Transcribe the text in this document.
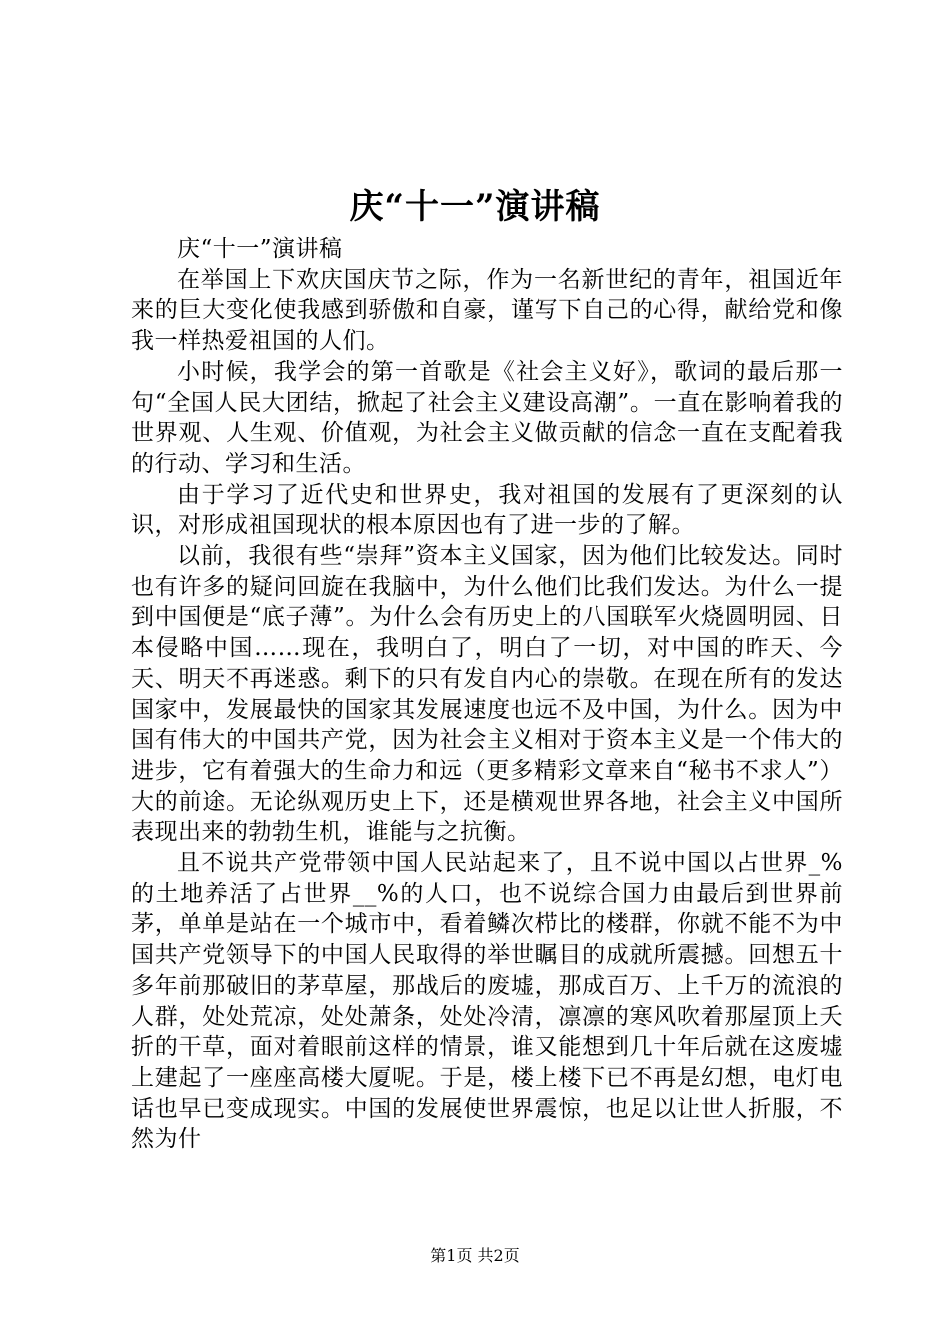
庆“十一”演讲稿

庆“十一”演讲稿

在举国上下欢庆国庆节之际，作为一名新世纪的青年，祖国近年来的巨大变化使我感到骄傲和自豪，谨写下自己的心得，献给党和像我一样热爱祖国的人们。

小时候，我学会的第一首歌是《社会主义好》，歌词的最后那一句“全国人民大团结，掀起了社会主义建设高潮”。一直在影响着我的世界观、人生观、价值观，为社会主义做贡献的信念一直在支配着我的行动、学习和生活。

由于学习了近代史和世界史，我对祖国的发展有了更深刻的认识，对形成祖国现状的根本原因也有了进一步的了解。

以前，我很有些“崇拜”资本主义国家，因为他们比较发达。同时也有许多的疑问回旋在我脑中，为什么他们比我们发达。为什么一提到中国便是“底子薄”。为什么会有历史上的八国联军火烧圆明园、日本侵略中国……现在，我明白了，明白了一切，对中国的昨天、今天、明天不再迷惑。剩下的只有发自内心的崇敬。在现在所有的发达国家中，发展最快的国家其发展速度也远不及中国，为什么。因为中国有伟大的中国共产党，因为社会主义相对于资本主义是一个伟大的进步，它有着强大的生命力和远（更多精彩文章来自“秘书不求人”）大的前途。无论纵观历史上下，还是横观世界各地，社会主义中国所表现出来的勃勃生机，谁能与之抗衡。

且不说共产党带领中国人民站起来了，且不说中国以占世界_%的土地养活了占世界__%的人口，也不说综合国力由最后到世界前茅，单单是站在一个城市中，看着鳞次栉比的楼群，你就不能不为中国共产党领导下的中国人民取得的举世瞩目的成就所震撼。回想五十多年前那破旧的茅草屋，那战后的废墟，那成百万、上千万的流浪的人群，处处荒凉，处处萧条，处处冷清，凛凛的寒风吹着那屋顶上夭折的干草，面对着眼前这样的情景，谁又能想到几十年后就在这废墟上建起了一座座高楼大厦呢。于是，楼上楼下已不再是幻想，电灯电话也早已变成现实。中国的发展使世界震惊，也足以让世人折服，不然为什

第1页 共2页
